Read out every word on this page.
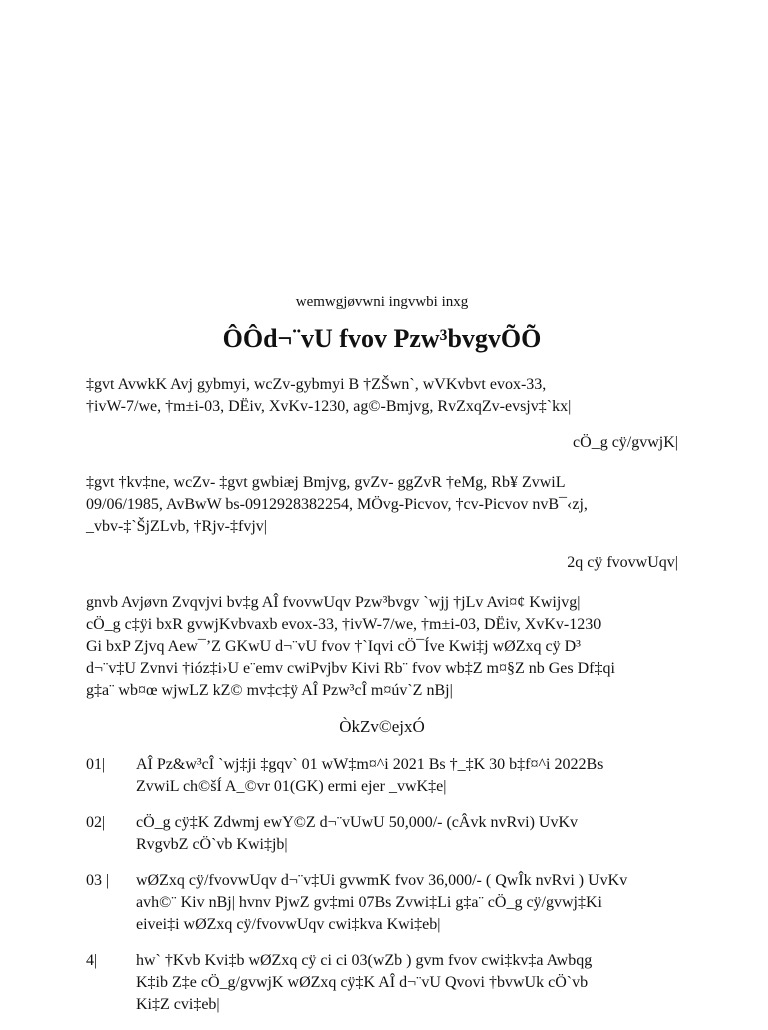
wemwgjøvwni ingvwbi inxg
ÔÔd¬¨vU fvov Pzw³bvgvÕÕ
‡gvt AvwkK Avj gybmyi, wcZv-gybmyi B †ZŠwn`, wVKvbvt evox-33,
†ivW-7/we, †m±i-03, DËiv, XvKv-1230, ag©-Bmjvg, RvZxqZv-evsjv‡`kx|
cÖ_g cÿ/gvwjK|
‡gvt †kv‡ne, wcZv- ‡gvt gwbiæj Bmjvg, gvZv- ggZvR †eMg, Rb¥ ZvwiL
09/06/1985, AvBwW bs-0912928382254, MÖvg-Picvov, †cv-Picvov nvB¯‹zj,
_vbv-‡`ŠjZLvb, †Rjv-‡fvjv|
2q cÿ fvovwUqv|
gnvb Avjøvn Zvqvjvi bv‡g AÎ fvovwUqv Pzw³bvgv `wjj †jLv Avi¤¢ Kwijvg|
cÖ_g c‡ÿi bxR gvwjKvbvaxb evox-33, †ivW-7/we, †m±i-03, DËiv, XvKv-1230
Gi bxP Zjvq Aew¯’Z GKwU d¬¨vU fvov †`Iqvi cÖ¯Íve Kwi‡j wØZxq cÿ D³
d¬¨v‡U Zvnvi †ióz‡i›U e¨emv cwiPvjbv Kivi Rb¨ fvov wb‡Z m¤§Z nb Ges Df‡qi
g‡a¨ wb¤œ wjwLZ kZ© mv‡c‡ÿ AÎ Pzw³cÎ m¤úv`Z nBj|
ÒkZv©ejxÓ
01|	AÎ Pz&w³cÎ `wj‡ji ‡gqv` 01 wW‡m¤^i 2021 Bs †_‡K 30 b‡f¤^i 2022Bs
ZvwiL ch©šÍ A_©vr 01(GK) ermi ejer _vwK‡e|
02|	cÖ_g cÿ‡K Zdwmj ewY©Z d¬¨vUwU 50,000/- (cÂvk nvRvi) UvKv
RvgvbZ cÖ`vb Kwi‡jb|
03 |	wØZxq cÿ/fvovwUqv d¬¨v‡Ui gvwmK fvov 36,000/- ( QwÎk nvRvi ) UvKv
avh©¨ Kiv nBj| hvnv PjwZ gv‡mi 07Bs Zvwi‡Li g‡a¨ cÖ_g cÿ/gvwj‡Ki
eivei‡i wØZxq cÿ/fvovwUqv cwi‡kva Kwi‡eb|
4|	hw` †Kvb Kvi‡b wØZxq cÿ ci ci 03(wZb ) gvm fvov cwi‡kv‡a Awbqg
K‡ib Z‡e cÖ_g/gvwjK wØZxq cÿ‡K AÎ d¬¨vU Qvovi †bvwUk cÖ`vb
Ki‡Z cvi‡eb|
